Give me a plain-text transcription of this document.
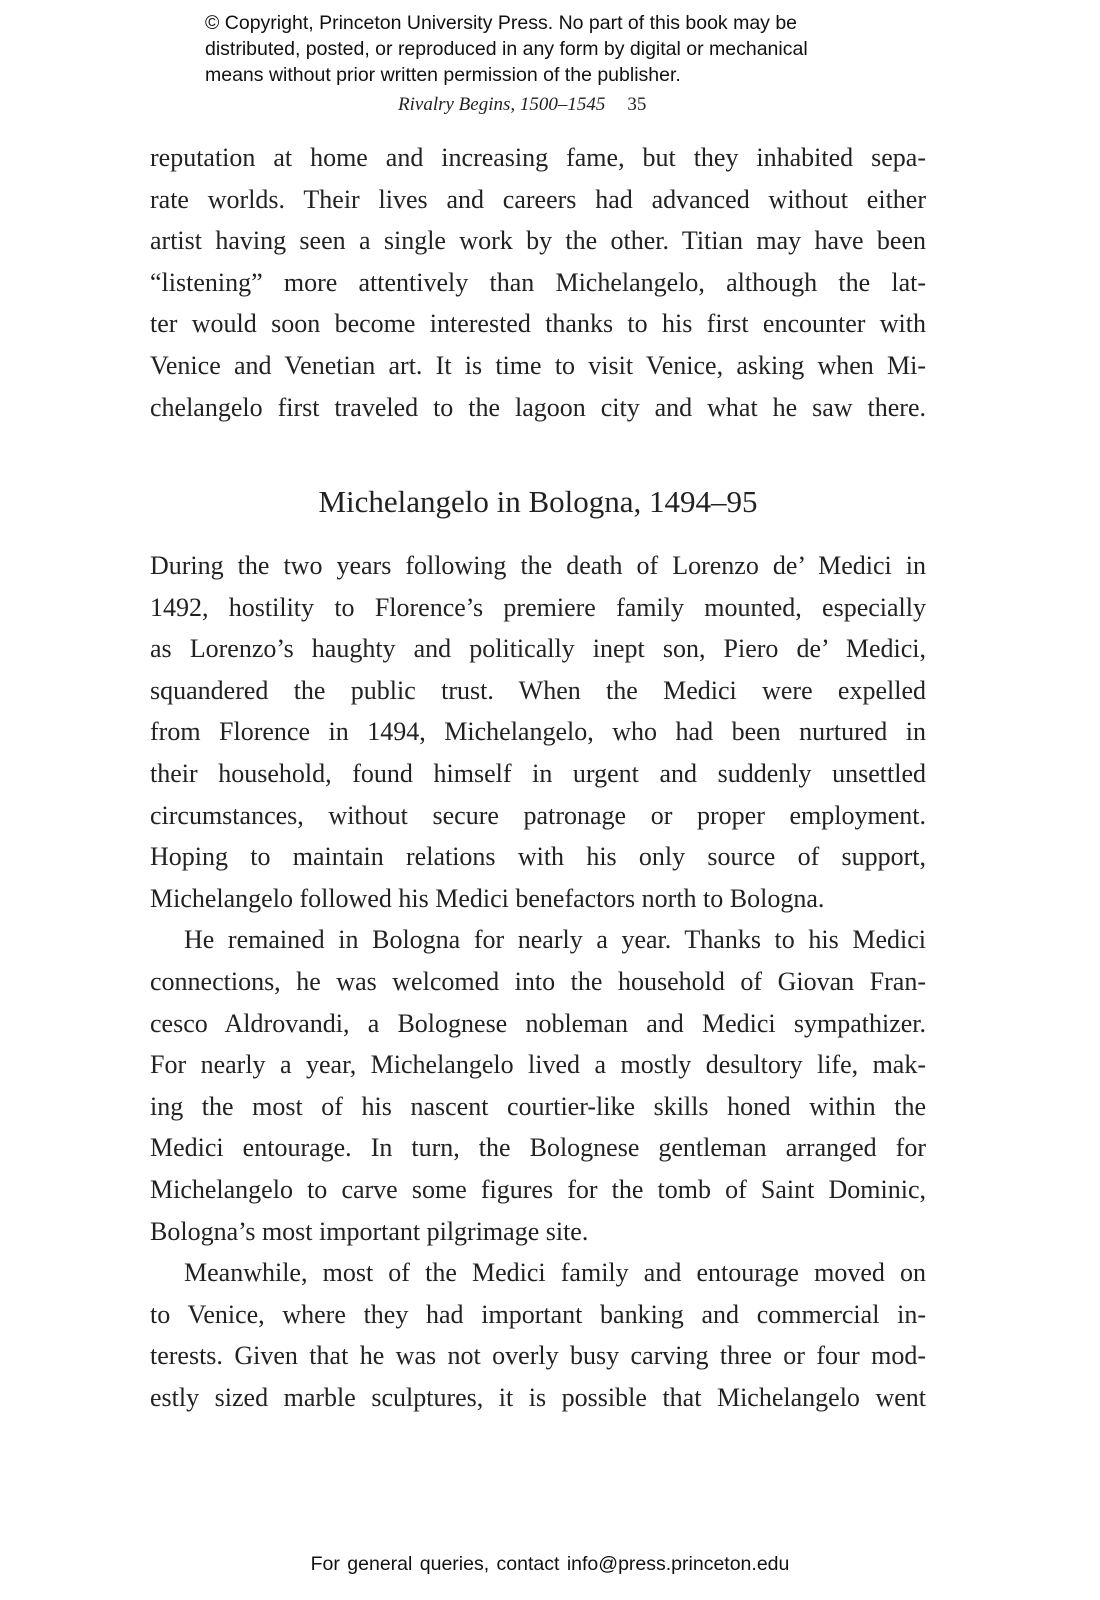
© Copyright, Princeton University Press. No part of this book may be
distributed, posted, or reproduced in any form by digital or mechanical
means without prior written permission of the publisher.
Rivalry Begins, 1500–1545 35
reputation at home and increasing fame, but they inhabited sepa-
rate worlds. Their lives and careers had advanced without either
artist having seen a single work by the other. Titian may have been
“listening” more attentively than Michelangelo, although the lat-
ter would soon become interested thanks to his first encounter with
Venice and Venetian art. It is time to visit Venice, asking when Mi-
chelangelo first traveled to the lagoon city and what he saw there.
Michelangelo in Bologna, 1494–95
During the two years following the death of Lorenzo de’ Medici in
1492, hostility to Florence’s premiere family mounted, especially
as Lorenzo’s haughty and politically inept son, Piero de’ Medici,
squandered the public trust. When the Medici were expelled
from Florence in 1494, Michelangelo, who had been nurtured in
their household, found himself in urgent and suddenly unsettled
circumstances, without secure patronage or proper employment.
Hoping to maintain relations with his only source of support,
Michelangelo followed his Medici benefactors north to Bologna.
He remained in Bologna for nearly a year. Thanks to his Medici
connections, he was welcomed into the household of Giovan Fran-
cesco Aldrovandi, a Bolognese nobleman and Medici sympathizer.
For nearly a year, Michelangelo lived a mostly desultory life, mak-
ing the most of his nascent courtier-like skills honed within the
Medici entourage. In turn, the Bolognese gentleman arranged for
Michelangelo to carve some figures for the tomb of Saint Dominic,
Bologna’s most important pilgrimage site.
Meanwhile, most of the Medici family and entourage moved on
to Venice, where they had important banking and commercial in-
terests. Given that he was not overly busy carving three or four mod-
estly sized marble sculptures, it is possible that Michelangelo went
For general queries, contact info@press.princeton.edu
